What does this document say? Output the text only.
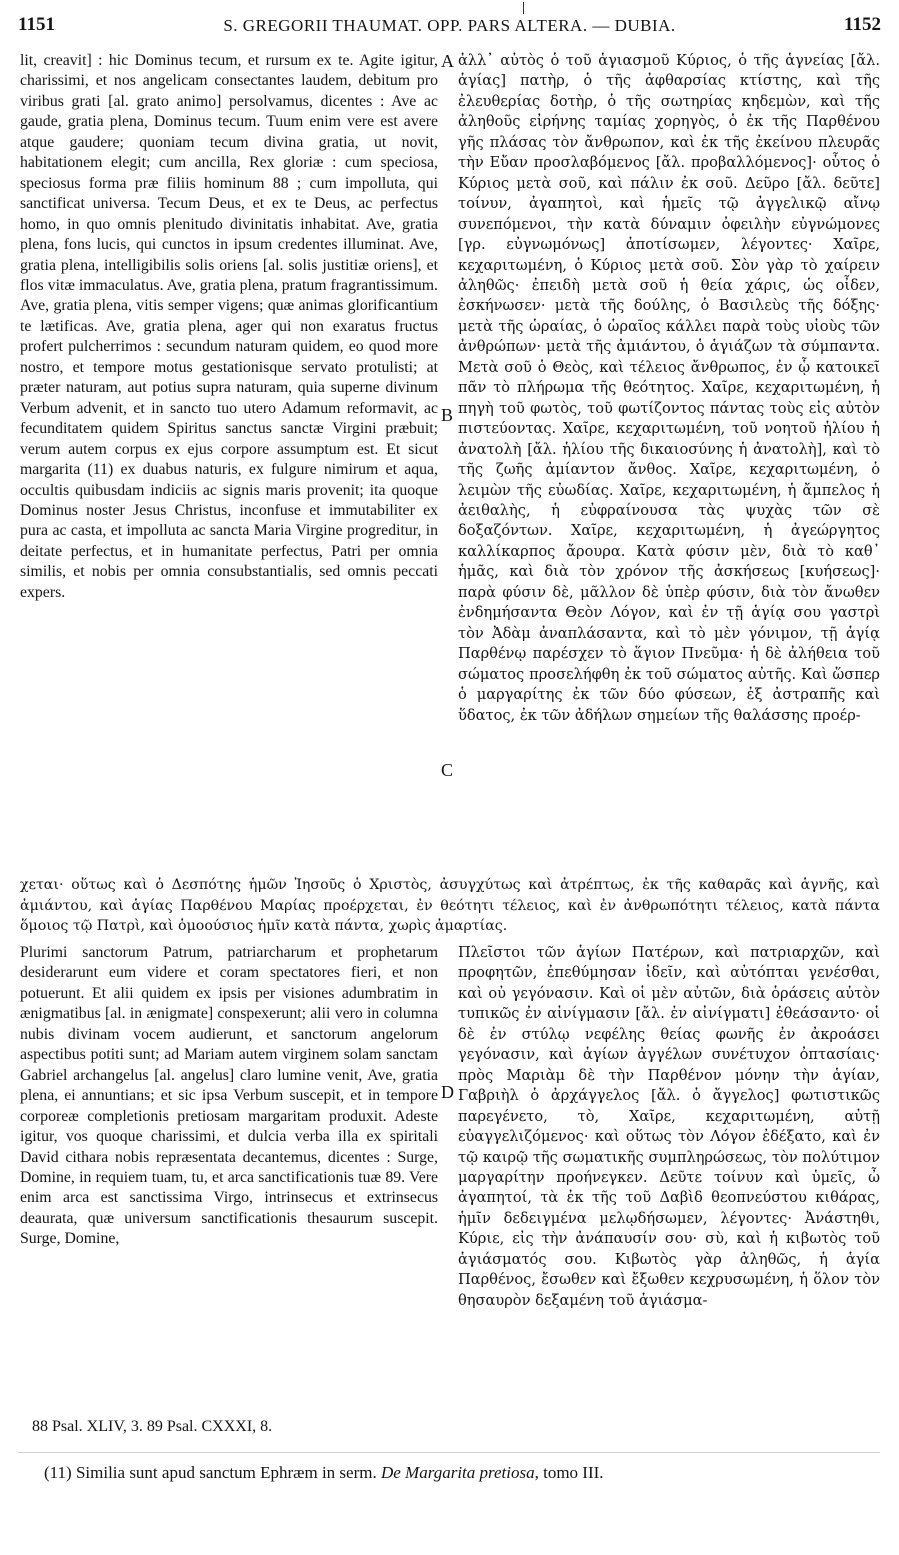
1151	S. GREGORII THAUMAT. OPP. PARS ALTERA. — DUBIA.	1152

lit, creavit] : hic Dominus tecum, et rursum ex te. Agite igitur, charissimi, et nos angelicam consectantes laudem, debitum pro viribus grati [al. grato animo] persolvamus, dicentes : Ave ac gaude, gratia plena, Dominus tecum. Tuum enim vere est avere atque gaudere; quoniam tecum divina gratia, ut novit, habitationem elegit; cum ancilla, Rex gloriæ : cum speciosa, speciosus forma præ filiis hominum 88 ; cum impolluta, qui sanctificat universa. Tecum Deus, et ex te Deus, ac perfectus homo, in quo omnis plenitudo divinitatis inhabitat. Ave, gratia plena, fons lucis, qui cunctos in ipsum credentes illuminat. Ave, gratia plena, intelligibilis solis oriens [al. solis justitiæ oriens], et flos vitæ immaculatus. Ave, gratia plena, pratum fragrantissimum. Ave, gratia plena, vitis semper vigens; quæ animas glorificantium te lætificas. Ave, gratia plena, ager qui non exaratus fructus profert pulcherrimos : secundum naturam quidem, eo quod more nostro, et tempore motus gestationisque servato protulisti; at præter naturam, aut potius supra naturam, quia superne divinum Verbum advenit, et in sancto tuo utero Adamum reformavit, ac fecunditatem quidem Spiritus sanctus sanctæ Virgini præbuit; verum autem corpus ex ejus corpore assumptum est. Et sicut margarita (11) ex duabus naturis, ex fulgure nimirum et aqua, occultis quibusdam indiciis ac signis maris provenit; ita quoque Dominus noster Jesus Christus, inconfuse et immutabiliter ex pura ac casta, et impolluta ac sancta Maria Virgine progreditur, in deitate perfectus, et in humanitate perfectus, Patri per omnia similis, et nobis per omnia consubstantialis, sed omnis peccati expers.

ἀλλ᾽ αὐτὸς ὁ τοῦ ἁγιασμοῦ Κύριος, ὁ τῆς ἁγνείας [ἄλ. ἁγίας] πατὴρ, ὁ τῆς ἀφθαρσίας κτίστης, καὶ τῆς ἐλευθερίας δοτὴρ, ὁ τῆς σωτηρίας κηδεμὼν, καὶ τῆς ἀληθοῦς εἰρήνης ταμίας χορηγὸς, ὁ ἐκ τῆς Παρθένου γῆς πλάσας τὸν ἄνθρωπον, καὶ ἐκ τῆς ἐκείνου πλευρᾶς τὴν Εὔαν προσλαβόμενος [ἄλ. προβαλλόμενος]· οὗτος ὁ Κύριος μετὰ σοῦ, καὶ πάλιν ἐκ σοῦ. Δεῦρο [ἄλ. δεῦτε] τοίνυν, ἀγαπητοὶ, καὶ ἡμεῖς τῷ ἀγγελικῷ αἴνῳ συνεπόμενοι, τὴν κατὰ δύναμιν ὀφειλὴν εὐγνώμονες [γρ. εὐγνωμόνως] ἀποτίσωμεν, λέγοντες· Χαῖρε, κεχαριτωμένη, ὁ Κύριος μετὰ σοῦ. Σὸν γὰρ τὸ χαίρειν ἀληθῶς· ἐπειδὴ μετὰ σοῦ ἡ θεία χάρις, ὡς οἶδεν, ἐσκήνωσεν· μετὰ τῆς δούλης, ὁ Βασιλεὺς τῆς δόξης· μετὰ τῆς ὡραίας, ὁ ὡραῖος κάλλει παρὰ τοὺς υἱοὺς τῶν ἀνθρώπων· μετὰ τῆς ἀμιάντου, ὁ ἁγιάζων τὰ σύμπαντα. Μετὰ σοῦ ὁ Θεὸς, καὶ τέλειος ἄνθρωπος, ἐν ᾧ κατοικεῖ πᾶν τὸ πλήρωμα τῆς θεότητος. Χαῖρε, κεχαριτωμένη, ἡ πηγὴ τοῦ φωτὸς, τοῦ φωτίζοντος πάντας τοὺς εἰς αὐτὸν πιστεύοντας. Χαῖρε, κεχαριτωμένη, τοῦ νοητοῦ ἡλίου ἡ ἀνατολὴ [ἄλ. ἡλίου τῆς δικαιοσύνης ἡ ἀνατολὴ], καὶ τὸ τῆς ζωῆς ἀμίαντον ἄνθος. Χαῖρε, κεχαριτωμένη, ὁ λειμὼν τῆς εὐωδίας. Χαῖρε, κεχαριτωμένη, ἡ ἄμπελος ἡ ἀειθαλὴς, ἡ εὐφραίνουσα τὰς ψυχὰς τῶν σὲ δοξαζόντων. Χαῖρε, κεχαριτωμένη, ἡ ἀγεώργητος καλλίκαρπος ἄρουρα. Κατὰ φύσιν μὲν, διὰ τὸ καθ᾽ ἡμᾶς, καὶ διὰ τὸν χρόνον τῆς ἀσκήσεως [κυήσεως]· παρὰ φύσιν δὲ, μᾶλλον δὲ ὑπὲρ φύσιν, διὰ τὸν ἄνωθεν ἐνδημήσαντα Θεὸν Λόγον, καὶ ἐν τῇ ἁγίᾳ σου γαστρὶ τὸν Ἀδὰμ ἀναπλάσαντα, καὶ τὸ μὲν γόνιμον, τῇ ἁγίᾳ Παρθένῳ παρέσχεν τὸ ἅγιον Πνεῦμα· ἡ δὲ ἀλήθεια τοῦ σώματος προσελήφθη ἐκ τοῦ σώματος αὐτῆς. Καὶ ὥσπερ ὁ μαργαρίτης ἐκ τῶν δύο φύσεων, ἐξ ἀστραπῆς καὶ ὕδατος, ἐκ τῶν ἀδήλων σημείων τῆς θαλάσσης προέρ-

χεται· οὕτως καὶ ὁ Δεσπότης ἡμῶν Ἰησοῦς ὁ Χριστὸς, ἀσυγχύτως καὶ ἀτρέπτως, ἐκ τῆς καθαρᾶς καὶ ἁγνῆς, καὶ ἀμιάντου, καὶ ἁγίας Παρθένου Μαρίας προέρχεται, ἐν θεότητι τέλειος, καὶ ἐν ἀνθρωπότητι τέλειος, κατὰ πάντα ὅμοιος τῷ Πατρὶ, καὶ ὁμοούσιος ἡμῖν κατὰ πάντα, χωρὶς ἁμαρτίας.

Plurimi sanctorum Patrum, patriarcharum et prophetarum desiderarunt eum videre et coram spectatores fieri, et non potuerunt. Et alii quidem ex ipsis per visiones adumbratim in ænigmatibus [al. in ænigmate] conspexerunt; alii vero in columna nubis divinam vocem audierunt, et sanctorum angelorum aspectibus potiti sunt; ad Mariam autem virginem solam sanctam Gabriel archangelus [al. angelus] claro lumine venit, Ave, gratia plena, ei annuntians; et sic ipsa Verbum suscepit, et in tempore corporeæ completionis pretiosam margaritam produxit. Adeste igitur, vos quoque charissimi, et dulcia verba illa ex spiritali David cithara nobis repræsentata decantemus, dicentes : Surge, Domine, in requiem tuam, tu, et arca sanctificationis tuæ 89. Vere enim arca est sanctissima Virgo, intrinsecus et extrinsecus deaurata, quæ universum sanctificationis thesaurum suscepit. Surge, Domine,

Πλεῖστοι τῶν ἁγίων Πατέρων, καὶ πατριαρχῶν, καὶ προφητῶν, ἐπεθύμησαν ἰδεῖν, καὶ αὐτόπται γενέσθαι, καὶ οὐ γεγόνασιν. Καὶ οἱ μὲν αὐτῶν, διὰ ὁράσεις αὐτὸν τυπικῶς ἐν αἰνίγμασιν [ἄλ. ἐν αἰνίγματι] ἐθεάσαντο· οἱ δὲ ἐν στύλῳ νεφέλης θείας φωνῆς ἐν ἀκροάσει γεγόνασιν, καὶ ἁγίων ἀγγέλων συνέτυχον ὀπτασίαις· πρὸς Μαριὰμ δὲ τὴν Παρθένον μόνην τὴν ἁγίαν, Γαβριὴλ ὁ ἀρχάγγελος [ἄλ. ὁ ἄγγελος] φωτιστικῶς παρεγένετο, τὸ, Χαῖρε, κεχαριτωμένη, αὐτῇ εὐαγγελιζόμενος· καὶ οὕτως τὸν Λόγον ἐδέξατο, καὶ ἐν τῷ καιρῷ τῆς σωματικῆς συμπληρώσεως, τὸν πολύτιμον μαργαρίτην προήνεγκεν. Δεῦτε τοίνυν καὶ ὑμεῖς, ὦ ἀγαπητοί, τὰ ἐκ τῆς τοῦ Δαβὶδ θεοπνεύστου κιθάρας, ἡμῖν δεδειγμένα μελῳδήσωμεν, λέγοντες· Ἀνάστηθι, Κύριε, εἰς τὴν ἀνάπαυσίν σου· σὺ, καὶ ἡ κιβωτὸς τοῦ ἁγιάσματός σου. Κιβωτὸς γὰρ ἀληθῶς, ἡ ἁγία Παρθένος, ἔσωθεν καὶ ἔξωθεν κεχρυσωμένη, ἡ ὅλον τὸν θησαυρὸν δεξαμένη τοῦ ἁγιάσμα-

A
B
C
D
88 Psal. XLIV, 3. 89 Psal. CXXXI, 8.
(11) Similia sunt apud sanctum Ephræm in serm. De Margarita pretiosa, tomo III.
